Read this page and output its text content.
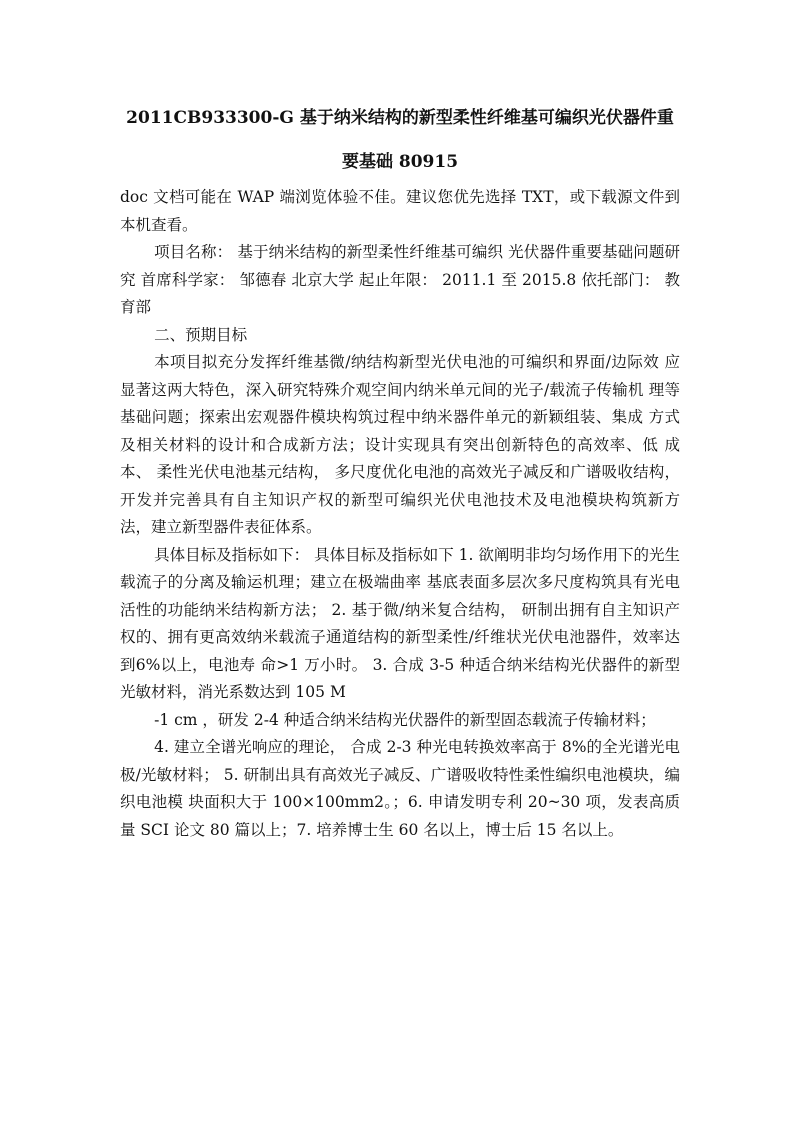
2011CB933300-G 基于纳米结构的新型柔性纤维基可编织光伏器件重

要基础 80915

doc 文档可能在 WAP 端浏览体验不佳。建议您优先选择 TXT，或下载源文件到本机查看。

项目名称： 基于纳米结构的新型柔性纤维基可编织 光伏器件重要基础问题研究 首席科学家： 邹德春 北京大学 起止年限： 2011.1 至 2015.8 依托部门： 教育部

二、预期目标

本项目拟充分发挥纤维基微/纳结构新型光伏电池的可编织和界面/边际效 应显著这两大特色，深入研究特殊介观空间内纳米单元间的光子/载流子传输机 理等基础问题；探索出宏观器件模块构筑过程中纳米器件单元的新颖组装、集成 方式及相关材料的设计和合成新方法；设计实现具有突出创新特色的高效率、低 成本、 柔性光伏电池基元结构， 多尺度优化电池的高效光子减反和广谱吸收结构， 开发并完善具有自主知识产权的新型可编织光伏电池技术及电池模块构筑新方 法，建立新型器件表征体系。

具体目标及指标如下： 具体目标及指标如下 1. 欲阐明非均匀场作用下的光生载流子的分离及输运机理；建立在极端曲率 基底表面多层次多尺度构筑具有光电活性的功能纳米结构新方法； 2. 基于微/纳米复合结构， 研制出拥有自主知识产权的、拥有更高效纳米载流子通道结构的新型柔性/纤维状光伏电池器件，效率达到6%以上，电池寿 命>1 万小时。 3. 合成 3-5 种适合纳米结构光伏器件的新型光敏材料，消光系数达到 105 M

-1 cm ，研发 2-4 种适合纳米结构光伏器件的新型固态载流子传输材料；

4. 建立全谱光响应的理论， 合成 2-3 种光电转换效率高于 8%的全光谱光电极/光敏材料； 5. 研制出具有高效光子减反、广谱吸收特性柔性编织电池模块，编织电池模 块面积大于 100×100mm2。；6. 申请发明专利 20~30 项，发表高质量 SCI 论文 80 篇以上；7. 培养博士生 60 名以上，博士后 15 名以上。
